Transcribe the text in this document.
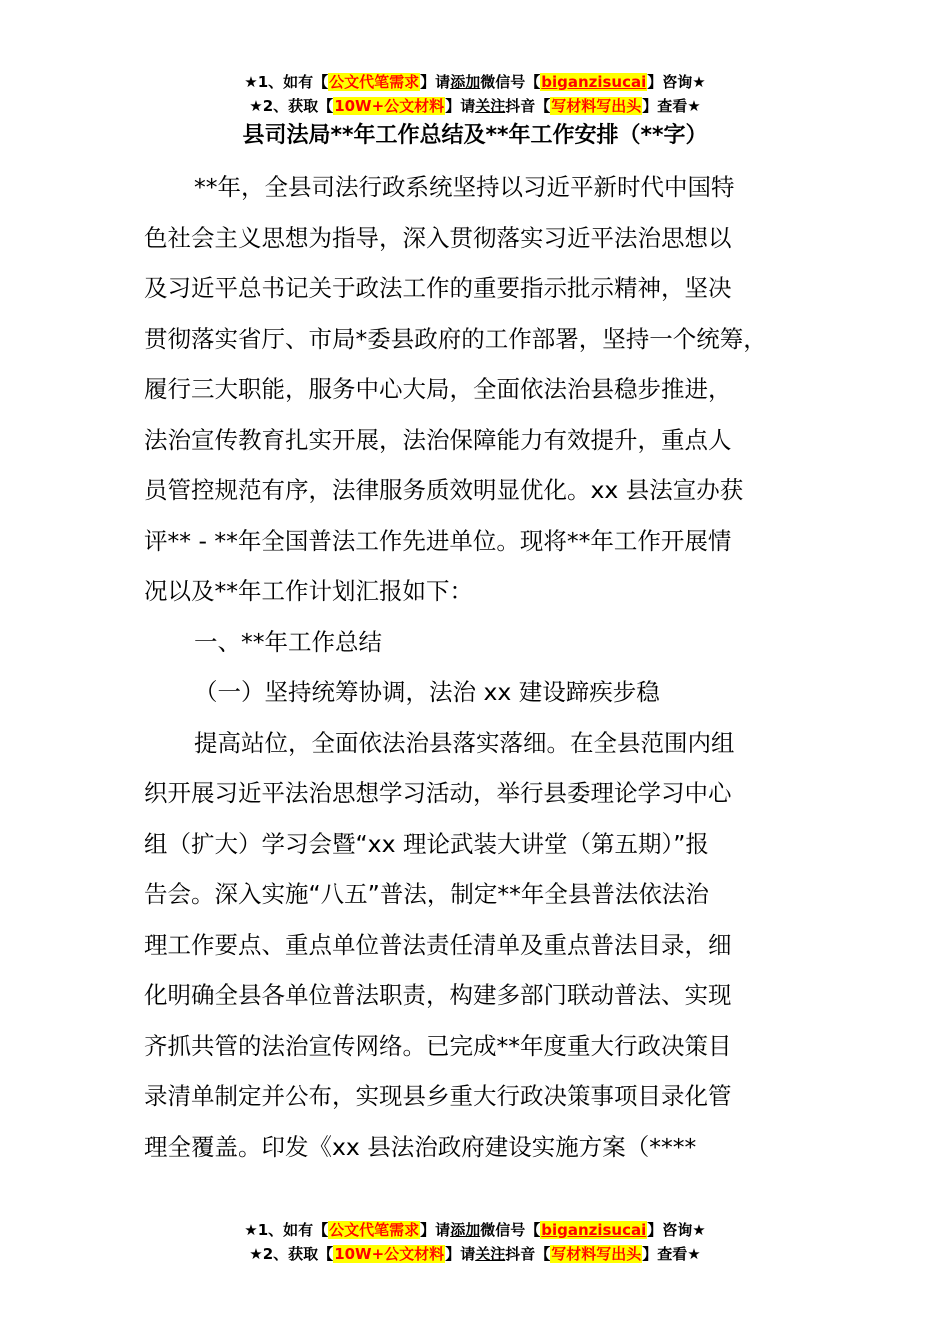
★1、如有【公文代笔需求】请添加微信号【biganzisucai】咨询★
★2、获取【10W+公文材料】请关注抖音【写材料写出头】查看★
县司法局**年工作总结及**年工作安排（**字）
**年，全县司法行政系统坚持以习近平新时代中国特
色社会主义思想为指导，深入贯彻落实习近平法治思想以
及习近平总书记关于政法工作的重要指示批示精神，坚决
贯彻落实省厅、市局*委县政府的工作部署，坚持一个统筹，
履行三大职能，服务中心大局，全面依法治县稳步推进，
法治宣传教育扎实开展，法治保障能力有效提升，重点人
员管控规范有序，法律服务质效明显优化。xx 县法宣办获
评** - **年全国普法工作先进单位。现将**年工作开展情
况以及**年工作计划汇报如下：
一、**年工作总结
（一）坚持统筹协调，法治 xx 建设蹄疾步稳
提高站位，全面依法治县落实落细。在全县范围内组
织开展习近平法治思想学习活动，举行县委理论学习中心
组（扩大）学习会暨“xx 理论武装大讲堂（第五期）”报
告会。深入实施“八五”普法，制定**年全县普法依法治
理工作要点、重点单位普法责任清单及重点普法目录，细
化明确全县各单位普法职责，构建多部门联动普法、实现
齐抓共管的法治宣传网络。已完成**年度重大行政决策目
录清单制定并公布，实现县乡重大行政决策事项目录化管
理全覆盖。印发《xx 县法治政府建设实施方案（****
★1、如有【公文代笔需求】请添加微信号【biganzisucai】咨询★
★2、获取【10W+公文材料】请关注抖音【写材料写出头】查看★
